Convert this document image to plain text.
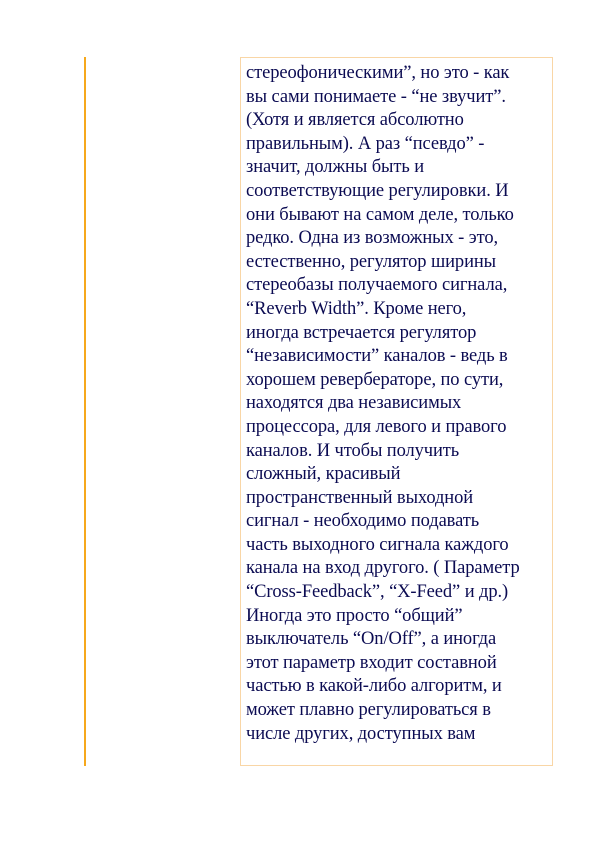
стереофоническими”, но это - как
вы сами понимаете - “не звучит”.
(Хотя и является абсолютно
правильным). А раз “псевдо” -
значит, должны быть и
соответствующие регулировки. И
они бывают на самом деле, только
редко. Одна из возможных - это,
естественно, регулятор ширины
стереобазы получаемого сигнала,
“Reverb Width”. Кроме него,
иногда встречается регулятор
“независимости” каналов - ведь в
хорошем ревербераторе, по сути,
находятся два независимых
процессора, для левого и правого
каналов. И чтобы получить
сложный, красивый
пространственный выходной
сигнал - необходимо подавать
часть выходного сигнала каждого
канала на вход другого. ( Параметр
“Cross-Feedback”, “X-Feed” и др.)
Иногда это просто “общий”
выключатель “On/Off”, а иногда
этот параметр входит составной
частью в какой-либо алгоритм, и
может плавно регулироваться в
числе других, доступных вам
